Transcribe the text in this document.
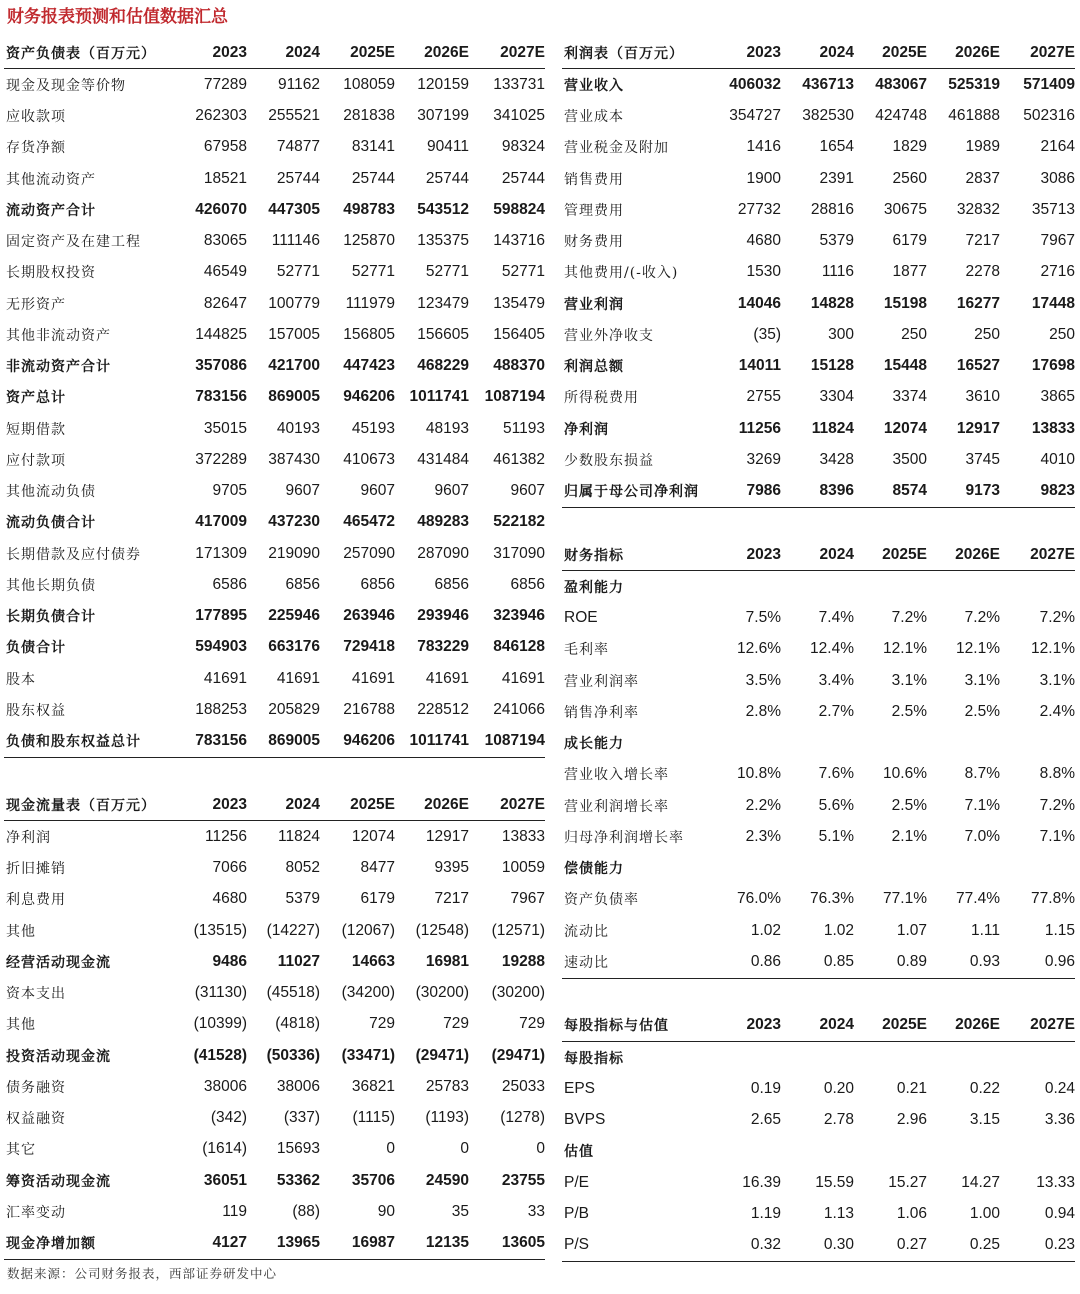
财务报表预测和估值数据汇总
资产负债表（百万元）	2023	2024	2025E	2026E	2027E
现金及现金等价物	77289	91162	108059	120159	133731
应收款项	262303	255521	281838	307199	341025
存货净额	67958	74877	83141	90411	98324
其他流动资产	18521	25744	25744	25744	25744
流动资产合计	426070	447305	498783	543512	598824
固定资产及在建工程	83065	111146	125870	135375	143716
长期股权投资	46549	52771	52771	52771	52771
无形资产	82647	100779	111979	123479	135479
其他非流动资产	144825	157005	156805	156605	156405
非流动资产合计	357086	421700	447423	468229	488370
资产总计	783156	869005	946206	1011741	1087194
短期借款	35015	40193	45193	48193	51193
应付款项	372289	387430	410673	431484	461382
其他流动负债	9705	9607	9607	9607	9607
流动负债合计	417009	437230	465472	489283	522182
长期借款及应付债券	171309	219090	257090	287090	317090
其他长期负债	6586	6856	6856	6856	6856
长期负债合计	177895	225946	263946	293946	323946
负债合计	594903	663176	729418	783229	846128
股本	41691	41691	41691	41691	41691
股东权益	188253	205829	216788	228512	241066
负债和股东权益总计	783156	869005	946206	1011741	1087194
现金流量表（百万元）	2023	2024	2025E	2026E	2027E
净利润	11256	11824	12074	12917	13833
折旧摊销	7066	8052	8477	9395	10059
利息费用	4680	5379	6179	7217	7967
其他	(13515)	(14227)	(12067)	(12548)	(12571)
经营活动现金流	9486	11027	14663	16981	19288
资本支出	(31130)	(45518)	(34200)	(30200)	(30200)
其他	(10399)	(4818)	729	729	729
投资活动现金流	(41528)	(50336)	(33471)	(29471)	(29471)
债务融资	38006	38006	36821	25783	25033
权益融资	(342)	(337)	(1115)	(1193)	(1278)
其它	(1614)	15693	0	0	0
筹资活动现金流	36051	53362	35706	24590	23755
汇率变动	119	(88)	90	35	33
现金净增加额	4127	13965	16987	12135	13605
利润表（百万元）	2023	2024	2025E	2026E	2027E
营业收入	406032	436713	483067	525319	571409
营业成本	354727	382530	424748	461888	502316
营业税金及附加	1416	1654	1829	1989	2164
销售费用	1900	2391	2560	2837	3086
管理费用	27732	28816	30675	32832	35713
财务费用	4680	5379	6179	7217	7967
其他费用/(-收入)	1530	1116	1877	2278	2716
营业利润	14046	14828	15198	16277	17448
营业外净收支	(35)	300	250	250	250
利润总额	14011	15128	15448	16527	17698
所得税费用	2755	3304	3374	3610	3865
净利润	11256	11824	12074	12917	13833
少数股东损益	3269	3428	3500	3745	4010
归属于母公司净利润	7986	8396	8574	9173	9823
财务指标	2023	2024	2025E	2026E	2027E
盈利能力					
ROE	7.5%	7.4%	7.2%	7.2%	7.2%
毛利率	12.6%	12.4%	12.1%	12.1%	12.1%
营业利润率	3.5%	3.4%	3.1%	3.1%	3.1%
销售净利率	2.8%	2.7%	2.5%	2.5%	2.4%
成长能力					
营业收入增长率	10.8%	7.6%	10.6%	8.7%	8.8%
营业利润增长率	2.2%	5.6%	2.5%	7.1%	7.2%
归母净利润增长率	2.3%	5.1%	2.1%	7.0%	7.1%
偿债能力					
资产负债率	76.0%	76.3%	77.1%	77.4%	77.8%
流动比	1.02	1.02	1.07	1.11	1.15
速动比	0.86	0.85	0.89	0.93	0.96
每股指标与估值	2023	2024	2025E	2026E	2027E
每股指标					
EPS	0.19	0.20	0.21	0.22	0.24
BVPS	2.65	2.78	2.96	3.15	3.36
估值					
P/E	16.39	15.59	15.27	14.27	13.33
P/B	1.19	1.13	1.06	1.00	0.94
P/S	0.32	0.30	0.27	0.25	0.23
数据来源：公司财务报表，西部证券研发中心
